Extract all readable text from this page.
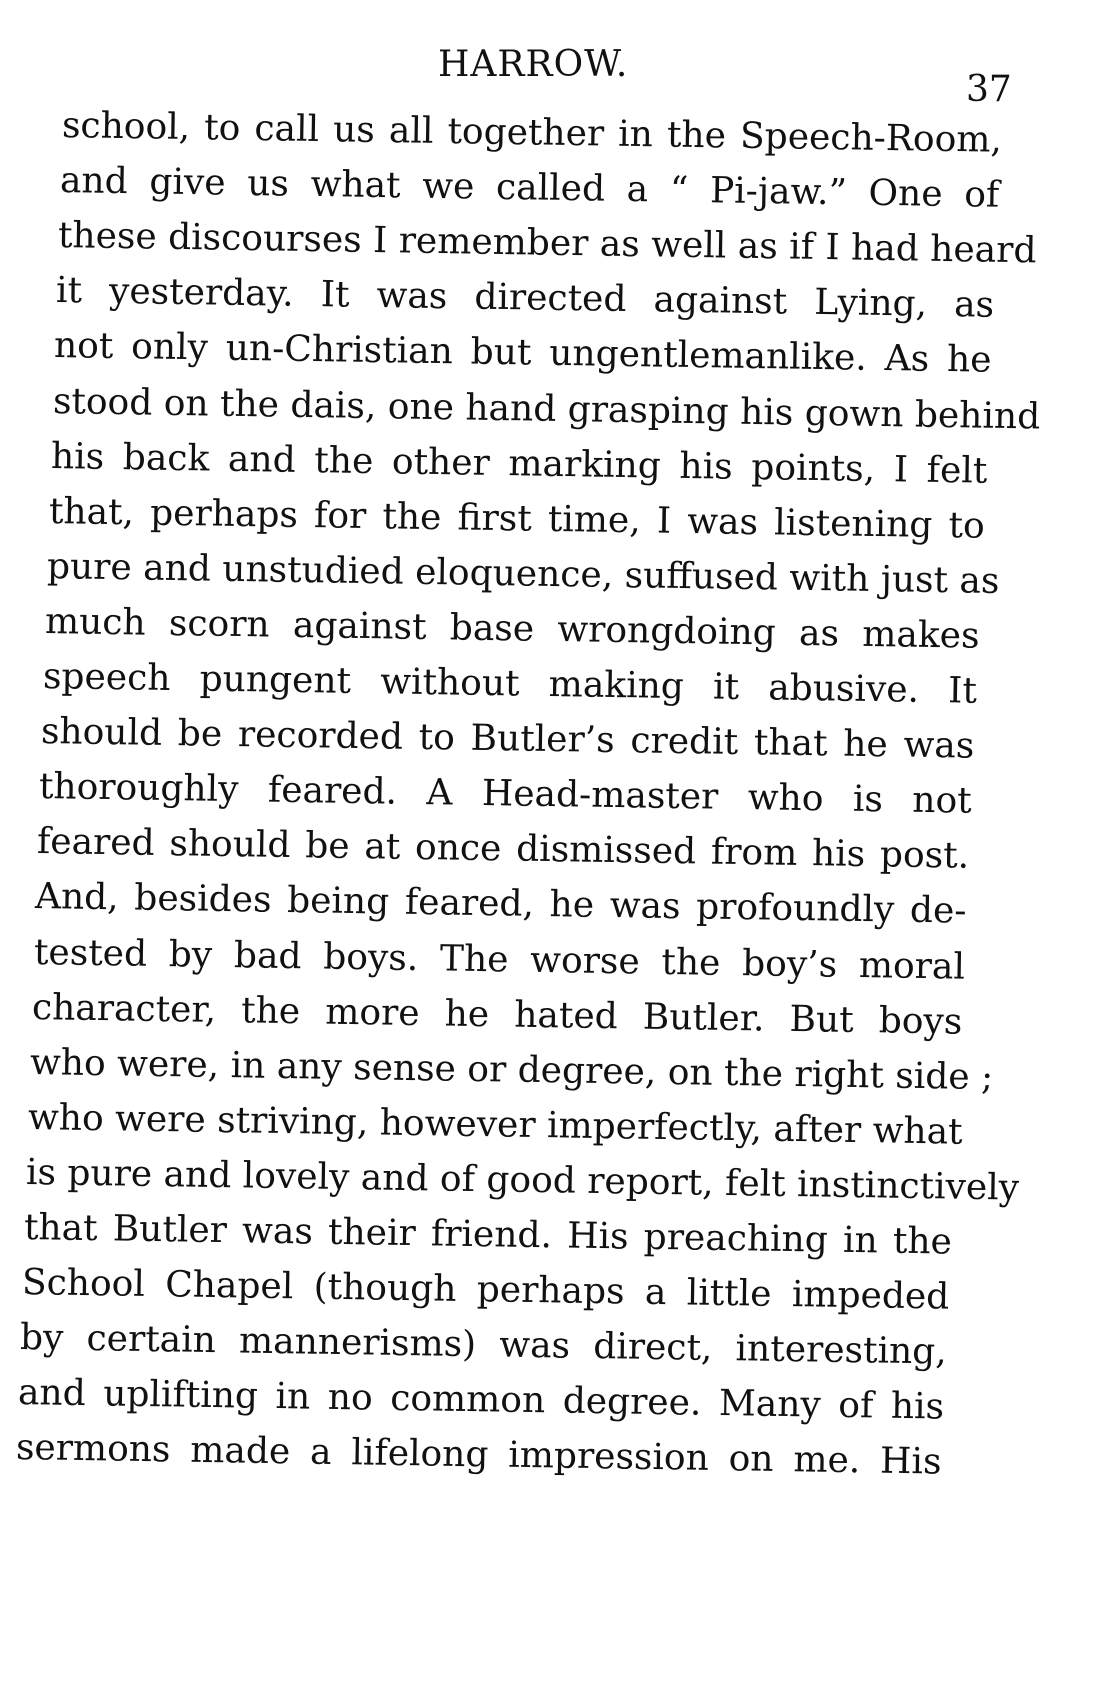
HARROW.
37
school, to call us all together in the Speech-Room,
and give us what we called a “ Pi-jaw.” One of
these discourses I remember as well as if I had heard
it yesterday. It was directed against Lying, as
not only un-Christian but ungentlemanlike. As he
stood on the dais, one hand grasping his gown behind
his back and the other marking his points, I felt
that, perhaps for the first time, I was listening to
pure and unstudied eloquence, suffused with just as
much scorn against base wrongdoing as makes
speech pungent without making it abusive. It
should be recorded to Butler’s credit that he was
thoroughly feared. A Head-master who is not
feared should be at once dismissed from his post.
And, besides being feared, he was profoundly de-
tested by bad boys. The worse the boy’s moral
character, the more he hated Butler. But boys
who were, in any sense or degree, on the right side ;
who were striving, however imperfectly, after what
is pure and lovely and of good report, felt instinctively
that Butler was their friend. His preaching in the
School Chapel (though perhaps a little impeded
by certain mannerisms) was direct, interesting,
and uplifting in no common degree. Many of his
sermons made a lifelong impression on me. His
